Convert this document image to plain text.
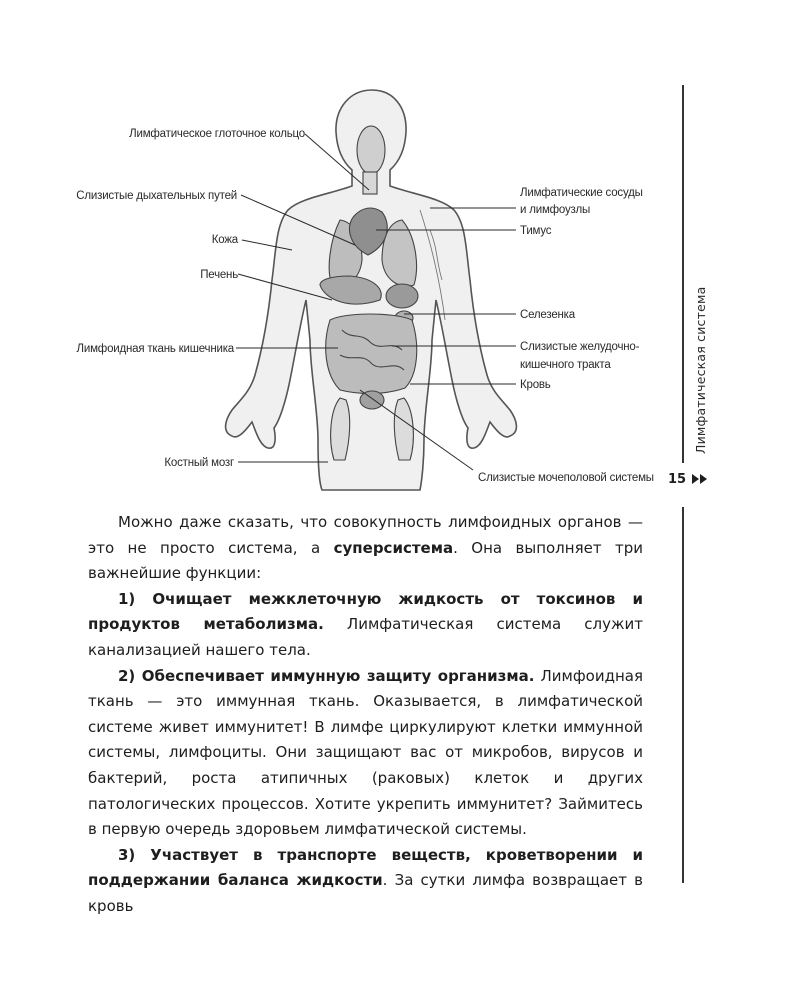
Лимфатическое глоточное кольцо
Слизистые дыхательных путей
Кожа
Печень
Лимфоидная ткань кишечника
Костный мозг
Лимфатические сосуды
и лимфоузлы
Тимус
Селезенка
Слизистые желудочно-
кишечного тракта
Кровь
Слизистые мочеполовой системы
Лимфатическая система
15

Можно даже сказать, что совокупность лимфоидных органов — это не просто система, а суперсистема. Она выполняет три важнейшие функции:

1) Очищает межклеточную жидкость от токсинов и продуктов метаболизма. Лимфатическая система служит канализацией нашего тела.

2) Обеспечивает иммунную защиту организма. Лимфоидная ткань — это иммунная ткань. Оказывается, в лимфатической системе живет иммунитет! В лимфе циркулируют клетки иммунной системы, лимфоциты. Они защищают вас от микробов, вирусов и бактерий, роста атипичных (раковых) клеток и других патологических процессов. Хотите укрепить иммунитет? Займитесь в первую очередь здоровьем лимфатической системы.

3) Участвует в транспорте веществ, кроветворении и поддержании баланса жидкости. За сутки лимфа возвращает в кровь
